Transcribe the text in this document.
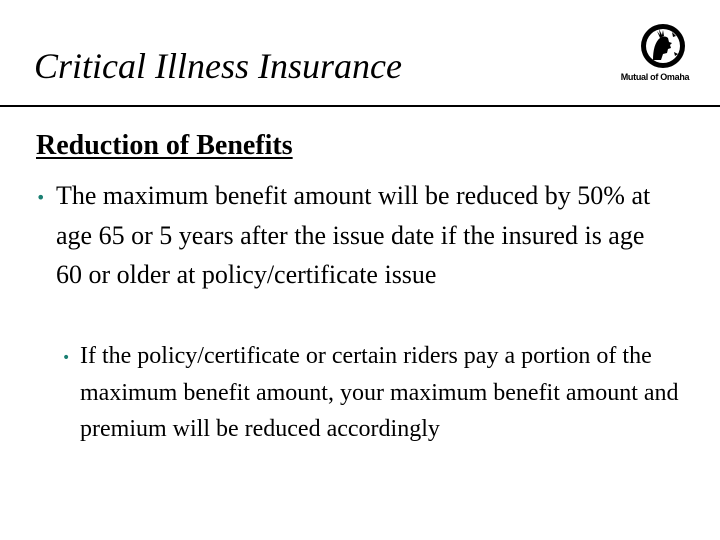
Critical Illness Insurance	Mutual of Omaha
Reduction of Benefits
• The maximum benefit amount will be reduced by 50% at age 65 or 5 years after the issue date if the insured is age 60 or older at policy/certificate issue
• If the policy/certificate or certain riders pay a portion of the maximum benefit amount, your maximum benefit amount and premium will be reduced accordingly
